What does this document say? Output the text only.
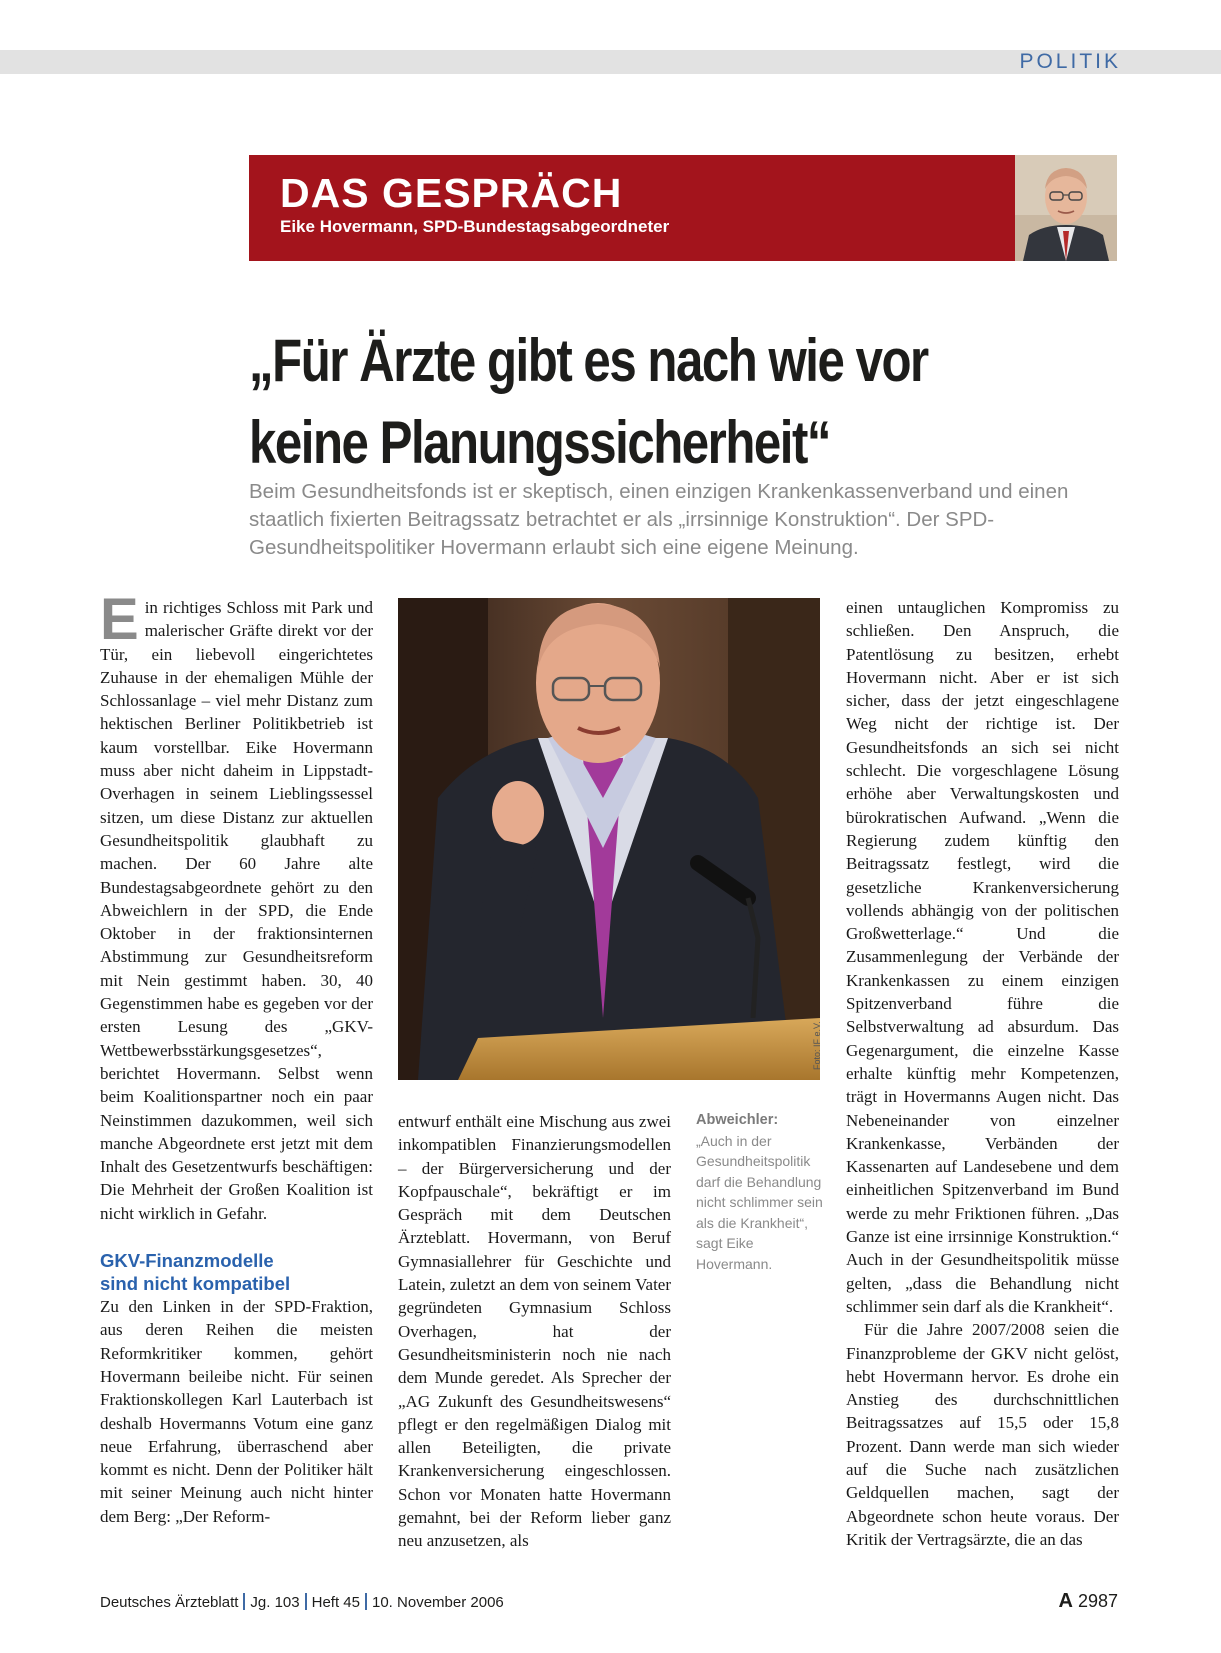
POLITIK
DAS GESPRÄCH
Eike Hovermann, SPD-Bundestagsabgeordneter
„Für Ärzte gibt es nach wie vor
keine Planungssicherheit“
Beim Gesundheitsfonds ist er skeptisch, einen einzigen Krankenkassenverband und einen staatlich fixierten Beitragssatz betrachtet er als „irrsinnige Konstruktion“. Der SPD-Gesundheitspolitiker Hovermann erlaubt sich eine eigene Meinung.

Ein richtiges Schloss mit Park und malerischer Gräfte direkt vor der Tür, ein liebevoll eingerichtetes Zuhause in der ehemaligen Mühle der Schlossanlage – viel mehr Distanz zum hektischen Berliner Politikbetrieb ist kaum vorstellbar. Eike Hovermann muss aber nicht daheim in Lippstadt-Overhagen in seinem Lieblingssessel sitzen, um diese Distanz zur aktuellen Gesundheitspolitik glaubhaft zu machen. Der 60 Jahre alte Bundestagsabgeordnete gehört zu den Abweichlern in der SPD, die Ende Oktober in der fraktionsinternen Abstimmung zur Gesundheitsreform mit Nein gestimmt haben. 30, 40 Gegenstimmen habe es gegeben vor der ersten Lesung des „GKV-Wettbewerbsstärkungsgesetzes“, berichtet Hovermann. Selbst wenn beim Koalitionspartner noch ein paar Neinstimmen dazukommen, weil sich manche Abgeordnete erst jetzt mit dem Inhalt des Gesetzentwurfs beschäftigen: Die Mehrheit der Großen Koalition ist nicht wirklich in Gefahr.

GKV-Finanzmodelle
sind nicht kompatibel

Zu den Linken in der SPD-Fraktion, aus deren Reihen die meisten Reformkritiker kommen, gehört Hovermann beileibe nicht. Für seinen Fraktionskollegen Karl Lauterbach ist deshalb Hovermanns Votum eine ganz neue Erfahrung, überraschend aber kommt es nicht. Denn der Politiker hält mit seiner Meinung auch nicht hinter dem Berg: „Der Reform-

Foto: IF e.V.

entwurf enthält eine Mischung aus zwei inkompatiblen Finanzierungsmodellen – der Bürgerversicherung und der Kopfpauschale“, bekräftigt er im Gespräch mit dem Deutschen Ärzteblatt. Hovermann, von Beruf Gymnasiallehrer für Geschichte und Latein, zuletzt an dem von seinem Vater gegründeten Gymnasium Schloss Overhagen, hat der Gesundheitsministerin noch nie nach dem Munde geredet. Als Sprecher der „AG Zukunft des Gesundheitswesens“ pflegt er den regelmäßigen Dialog mit allen Beteiligten, die private Krankenversicherung eingeschlossen. Schon vor Monaten hatte Hovermann gemahnt, bei der Reform lieber ganz neu anzusetzen, als

Abweichler:
„Auch in der Gesundheitspolitik darf die Behandlung nicht schlimmer sein als die Krankheit“, sagt Eike Hovermann.

einen untauglichen Kompromiss zu schließen. Den Anspruch, die Patentlösung zu besitzen, erhebt Hovermann nicht. Aber er ist sich sicher, dass der jetzt eingeschlagene Weg nicht der richtige ist. Der Gesundheitsfonds an sich sei nicht schlecht. Die vorgeschlagene Lösung erhöhe aber Verwaltungskosten und bürokratischen Aufwand. „Wenn die Regierung zudem künftig den Beitragssatz festlegt, wird die gesetzliche Krankenversicherung vollends abhängig von der politischen Großwetterlage.“ Und die Zusammenlegung der Verbände der Krankenkassen zu einem einzigen Spitzenverband führe die Selbstverwaltung ad absurdum. Das Gegenargument, die einzelne Kasse erhalte künftig mehr Kompetenzen, trägt in Hovermanns Augen nicht. Das Nebeneinander von einzelner Krankenkasse, Verbänden der Kassenarten auf Landesebene und dem einheitlichen Spitzenverband im Bund werde zu mehr Friktionen führen. „Das Ganze ist eine irrsinnige Konstruktion.“ Auch in der Gesundheitspolitik müsse gelten, „dass die Behandlung nicht schlimmer sein darf als die Krankheit“.

Für die Jahre 2007/2008 seien die Finanzprobleme der GKV nicht gelöst, hebt Hovermann hervor. Es drohe ein Anstieg des durchschnittlichen Beitragssatzes auf 15,5 oder 15,8 Prozent. Dann werde man sich wieder auf die Suche nach zusätzlichen Geldquellen machen, sagt der Abgeordnete schon heute voraus. Der Kritik der Vertragsärzte, die an das

Deutsches Ärzteblatt Jg. 103 Heft 45 10. November 2006	A 2987
